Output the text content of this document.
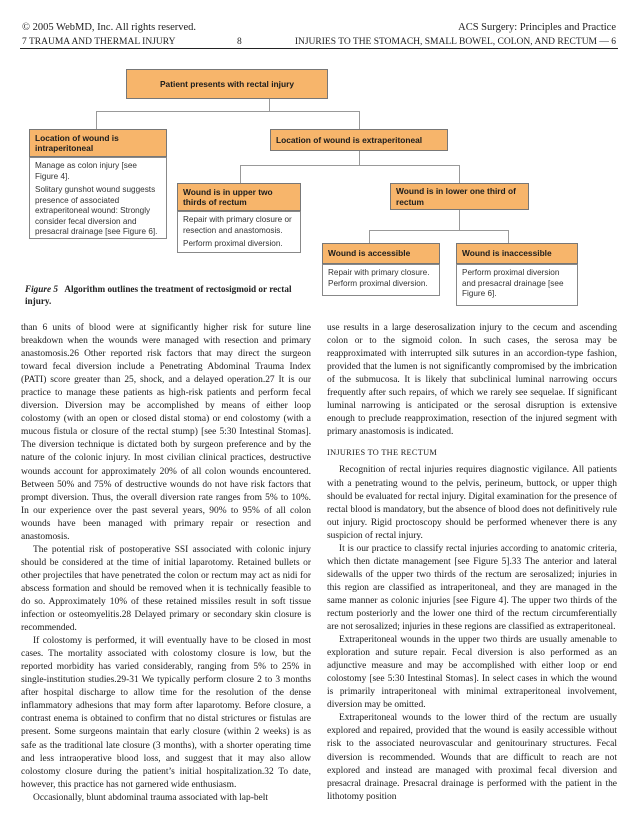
© 2005 WebMD, Inc. All rights reserved.	ACS Surgery: Principles and Practice
7 TRAUMA AND THERMAL INJURY	8	INJURIES TO THE STOMACH, SMALL BOWEL, COLON, AND RECTUM — 6
Patient presents with rectal injury
Location of wound is intraperitoneal

Manage as colon injury [see Figure 4].

Solitary gunshot wound suggests presence of associated extraperitoneal wound: Strongly consider fecal diversion and presacral drainage [see Figure 6].

Location of wound is extraperitoneal
Wound is in upper two thirds of rectum

Repair with primary closure or resection and anastomosis.

Perform proximal diversion.

Wound is in lower one third of rectum
Wound is accessible

Repair with primary closure.

Perform proximal diversion.

Wound is inaccessible

Perform proximal diversion and presacral drainage [see Figure 6].

Figure 5 Algorithm outlines the treatment of rectosigmoid or rectal injury.

than 6 units of blood were at significantly higher risk for suture line breakdown when the wounds were managed with resection and primary anastomosis.26 Other reported risk factors that may direct the surgeon toward fecal diversion include a Penetrating Abdominal Trauma Index (PATI) score greater than 25, shock, and a delayed operation.27 It is our practice to manage these patients as high-risk patients and perform fecal diversion. Diversion may be accomplished by means of either loop colostomy (with an open or closed distal stoma) or end colostomy (with a mucous fistula or closure of the rectal stump) [see 5:30 Intestinal Stomas]. The diversion technique is dictated both by surgeon preference and by the nature of the colonic injury. In most civilian clinical practices, destructive wounds account for approximately 20% of all colon wounds encountered. Between 50% and 75% of destructive wounds do not have risk factors that prompt diversion. Thus, the overall diversion rate ranges from 5% to 10%. In our experience over the past several years, 90% to 95% of all colon wounds have been managed with primary repair or resection and anastomosis.

The potential risk of postoperative SSI associated with colonic injury should be considered at the time of initial laparotomy. Retained bullets or other projectiles that have penetrated the colon or rectum may act as nidi for abscess formation and should be removed when it is technically feasible to do so. Approximately 10% of these retained missiles result in soft tissue infection or osteomyelitis.28 Delayed primary or secondary skin closure is recommended.

If colostomy is performed, it will eventually have to be closed in most cases. The mortality associated with colostomy closure is low, but the reported morbidity has varied considerably, ranging from 5% to 25% in single-institution studies.29-31 We typically perform closure 2 to 3 months after hospital discharge to allow time for the resolution of the dense inflammatory adhesions that may form after laparotomy. Before closure, a contrast enema is obtained to confirm that no distal strictures or fistulas are present. Some surgeons maintain that early closure (within 2 weeks) is as safe as the traditional late closure (3 months), with a shorter operating time and less intraoperative blood loss, and suggest that it may also allow colostomy closure during the patient’s initial hospitalization.32 To date, however, this practice has not garnered wide enthusiasm.

Occasionally, blunt abdominal trauma associated with lap-belt

use results in a large deserosalization injury to the cecum and ascending colon or to the sigmoid colon. In such cases, the serosa may be reapproximated with interrupted silk sutures in an accordion-type fashion, provided that the lumen is not significantly compromised by the imbrication of the submucosa. It is likely that subclinical luminal narrowing occurs frequently after such repairs, of which we rarely see sequelae. If significant luminal narrowing is anticipated or the serosal disruption is extensive enough to preclude reapproximation, resection of the injured segment with primary anastomosis is indicated.

INJURIES TO THE RECTUM

Recognition of rectal injuries requires diagnostic vigilance. All patients with a penetrating wound to the pelvis, perineum, buttock, or upper thigh should be evaluated for rectal injury. Digital examination for the presence of rectal blood is mandatory, but the absence of blood does not definitively rule out injury. Rigid proctoscopy should be performed whenever there is any suspicion of rectal injury.

It is our practice to classify rectal injuries according to anatomic criteria, which then dictate management [see Figure 5].33 The anterior and lateral sidewalls of the upper two thirds of the rectum are serosalized; injuries in this region are classified as intraperitoneal, and they are managed in the same manner as colonic injuries [see Figure 4]. The upper two thirds of the rectum posteriorly and the lower one third of the rectum circumferentially are not serosalized; injuries in these regions are classified as extraperitoneal.

Extraperitoneal wounds in the upper two thirds are usually amenable to exploration and suture repair. Fecal diversion is also performed as an adjunctive measure and may be accomplished with either loop or end colostomy [see 5:30 Intestinal Stomas]. In select cases in which the wound is primarily intraperitoneal with minimal extraperitoneal involvement, diversion may be omitted.

Extraperitoneal wounds to the lower third of the rectum are usually explored and repaired, provided that the wound is easily accessible without risk to the associated neurovascular and genitourinary structures. Fecal diversion is recommended. Wounds that are difficult to reach are not explored and instead are managed with proximal fecal diversion and presacral drainage. Presacral drainage is performed with the patient in the lithotomy position
